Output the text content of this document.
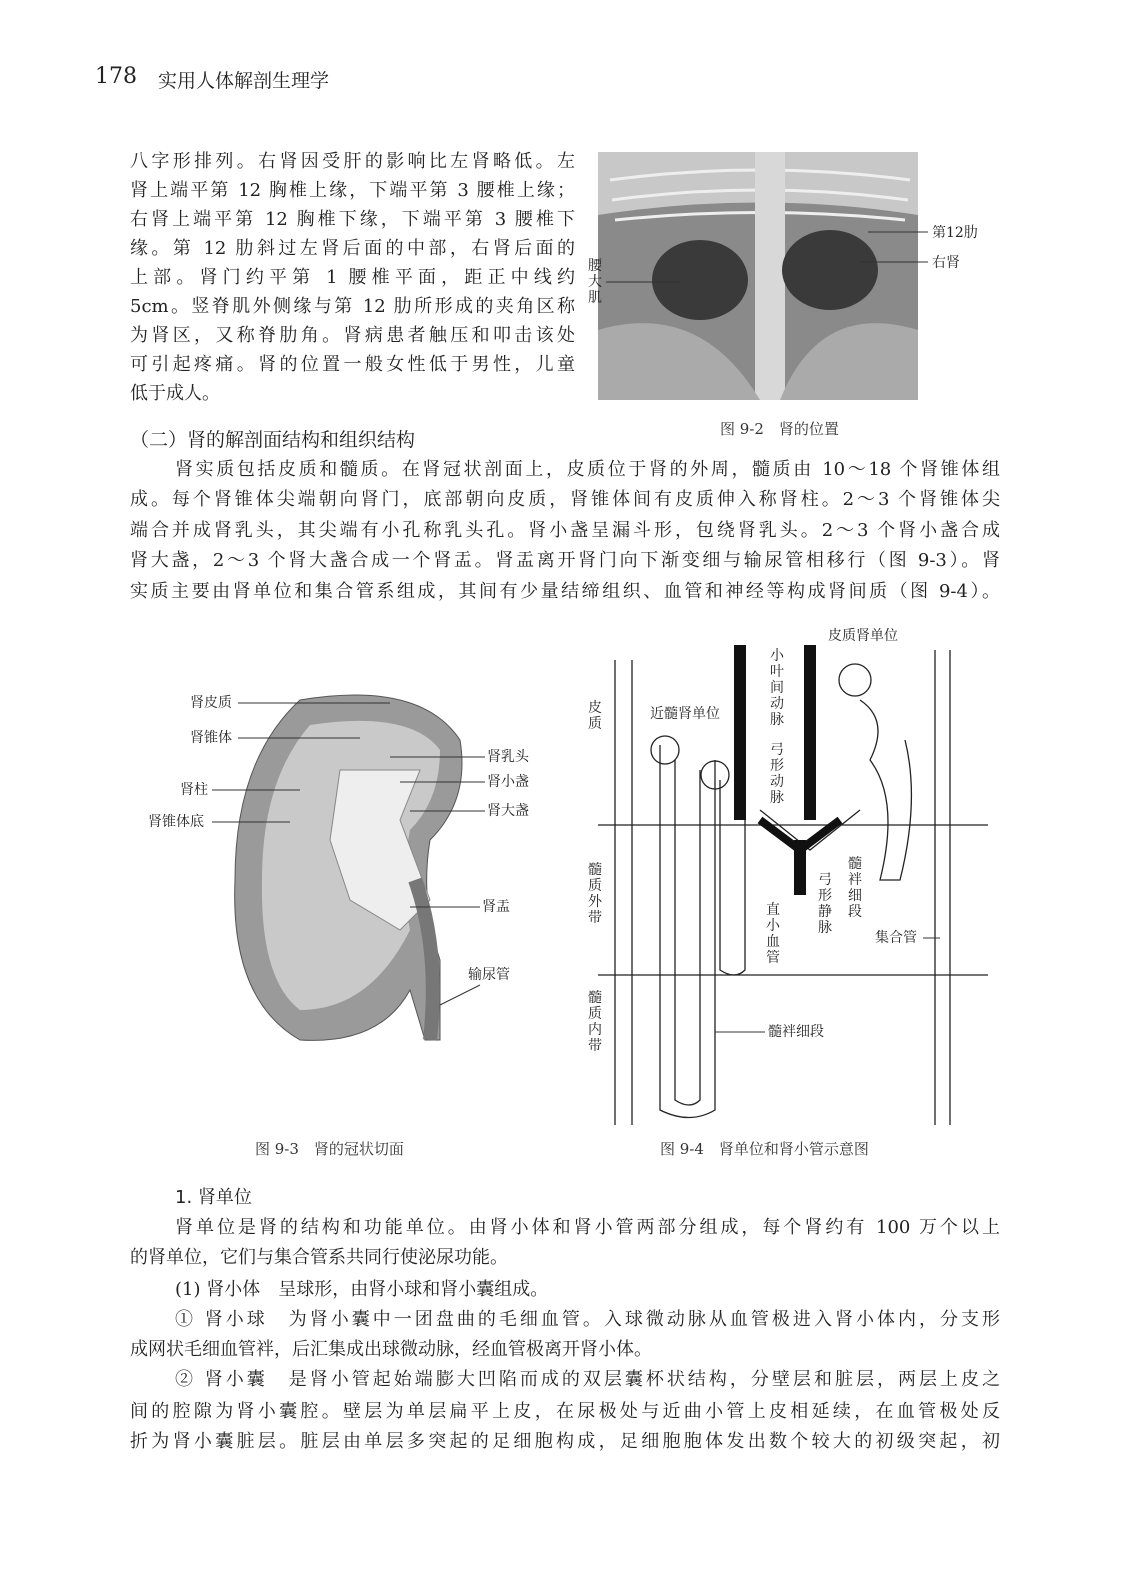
178 实用人体解剖生理学
八字形排列。右肾因受肝的影响比左肾略低。左
肾上端平第 12 胸椎上缘，下端平第 3 腰椎上缘；
右肾上端平第 12 胸椎下缘，下端平第 3 腰椎下
缘。第 12 肋斜过左肾后面的中部，右肾后面的
上部。肾门约平第 1 腰椎平面，距正中线约
5cm。竖脊肌外侧缘与第 12 肋所形成的夹角区称
为肾区，又称脊肋角。肾病患者触压和叩击该处
可引起疼痛。肾的位置一般女性低于男性，儿童
低于成人。
第12肋
右肾
腰大肌
图 9-2　肾的位置
（二）肾的解剖面结构和组织结构
肾实质包括皮质和髓质。在肾冠状剖面上，皮质位于肾的外周，髓质由 10～18 个肾锥体组
成。每个肾锥体尖端朝向肾门，底部朝向皮质，肾锥体间有皮质伸入称肾柱。2～3 个肾锥体尖
端合并成肾乳头，其尖端有小孔称乳头孔。肾小盏呈漏斗形，包绕肾乳头。2～3 个肾小盏合成
肾大盏，2～3 个肾大盏合成一个肾盂。肾盂离开肾门向下渐变细与输尿管相移行（图 9-3）。肾
实质主要由肾单位和集合管系组成，其间有少量结缔组织、血管和神经等构成肾间质（图 9-4）。
肾皮质
肾锥体
肾柱
肾锥体底
肾乳头
肾小盏
肾大盏
肾盂
输尿管
图 9-3　肾的冠状切面
皮质肾单位
小叶间动脉
近髓肾单位
弓形动脉
皮质
髓质外带
髓质内带
髓袢细段
弓形静脉
直小血管
集合管
髓袢细段
图 9-4　肾单位和肾小管示意图
1. 肾单位
肾单位是肾的结构和功能单位。由肾小体和肾小管两部分组成，每个肾约有 100 万个以上
的肾单位，它们与集合管系共同行使泌尿功能。
(1) 肾小体　呈球形，由肾小球和肾小囊组成。
① 肾小球　为肾小囊中一团盘曲的毛细血管。入球微动脉从血管极进入肾小体内，分支形
成网状毛细血管袢，后汇集成出球微动脉，经血管极离开肾小体。
② 肾小囊　是肾小管起始端膨大凹陷而成的双层囊杯状结构，分壁层和脏层，两层上皮之
间的腔隙为肾小囊腔。壁层为单层扁平上皮，在尿极处与近曲小管上皮相延续，在血管极处反
折为肾小囊脏层。脏层由单层多突起的足细胞构成，足细胞胞体发出数个较大的初级突起，初
